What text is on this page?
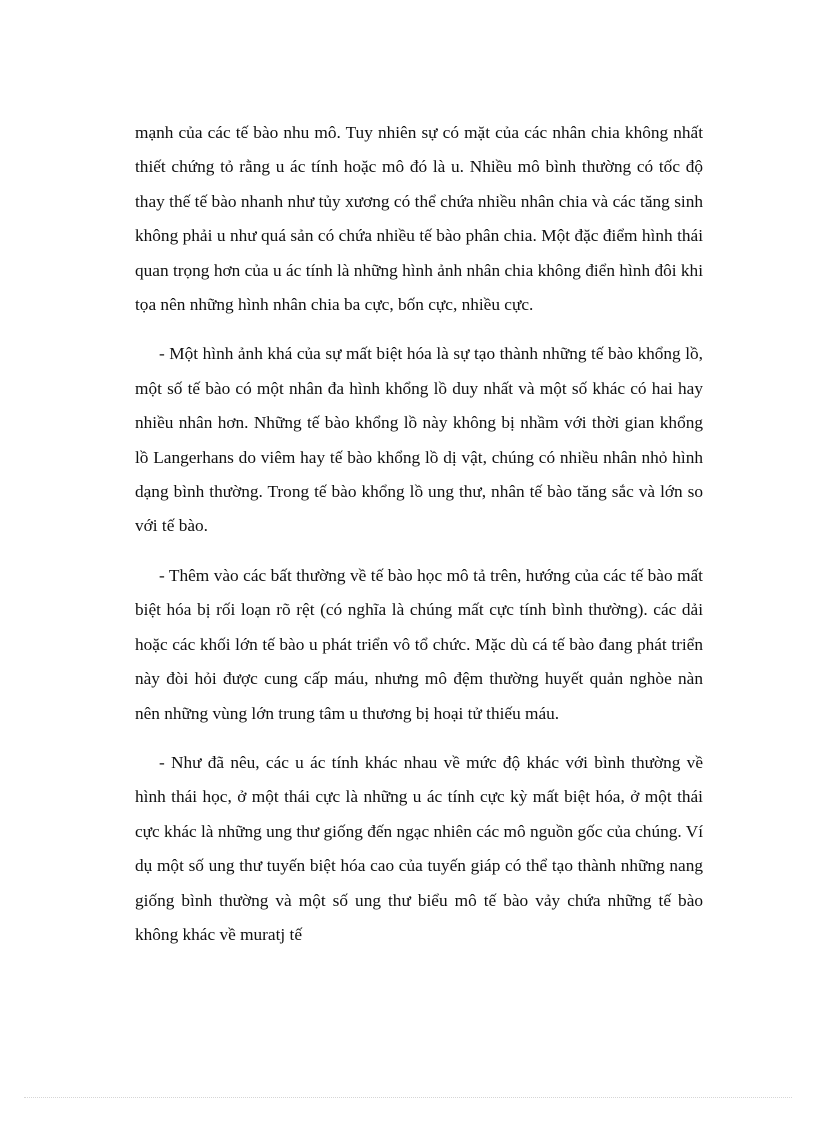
mạnh của các tế bào nhu mô. Tuy nhiên sự có mặt của các nhân chia không nhất thiết chứng tỏ rằng u ác tính hoặc mô đó là u. Nhiều mô bình thường có tốc độ thay thế tế bào nhanh như tủy xương có thể chứa nhiều nhân chia và các tăng sinh không phải u như quá sản có chứa nhiều tế bào phân chia. Một đặc điểm hình thái quan trọng hơn của u ác tính là những hình ảnh nhân chia không điển hình đôi khi tọa nên những hình nhân chia ba cực, bốn cực, nhiều cực.

- Một hình ảnh khá của sự mất biệt hóa là sự tạo thành những tế bào khổng lồ, một số tế bào có một nhân đa hình khổng lồ duy nhất và một số khác có hai hay nhiều nhân hơn. Những tế bào khổng lồ này không bị nhầm với thời gian khổng lồ Langerhans do viêm hay tế bào khổng lồ dị vật, chúng có nhiều nhân nhỏ hình dạng bình thường. Trong tế bào khổng lồ ung thư, nhân tế bào tăng sắc và lớn so với tế bào.

- Thêm vào các bất thường về tế bào học mô tả trên, hướng của các tế bào mất biệt hóa bị rối loạn rõ rệt (có nghĩa là chúng mất cực tính bình thường). các dải hoặc các khối lớn tế bào u phát triển vô tổ chức. Mặc dù cá tế bào đang phát triển này đòi hỏi được cung cấp máu, nhưng mô đệm thường huyết quản nghòe nàn nên những vùng lớn trung tâm u thương bị hoại tử thiếu máu.

- Như đã nêu, các u ác tính khác nhau về mức độ khác với bình thường về hình thái học, ở một thái cực là những u ác tính cực kỳ mất biệt hóa, ở một thái cực khác là những ung thư giống đến ngạc nhiên các mô nguồn gốc của chúng. Ví dụ một số ung thư tuyến biệt hóa cao của tuyến giáp có thể tạo thành những nang giống bình thường và một số ung thư biểu mô tế bào vảy chứa những tế bào không khác về muratj tế
